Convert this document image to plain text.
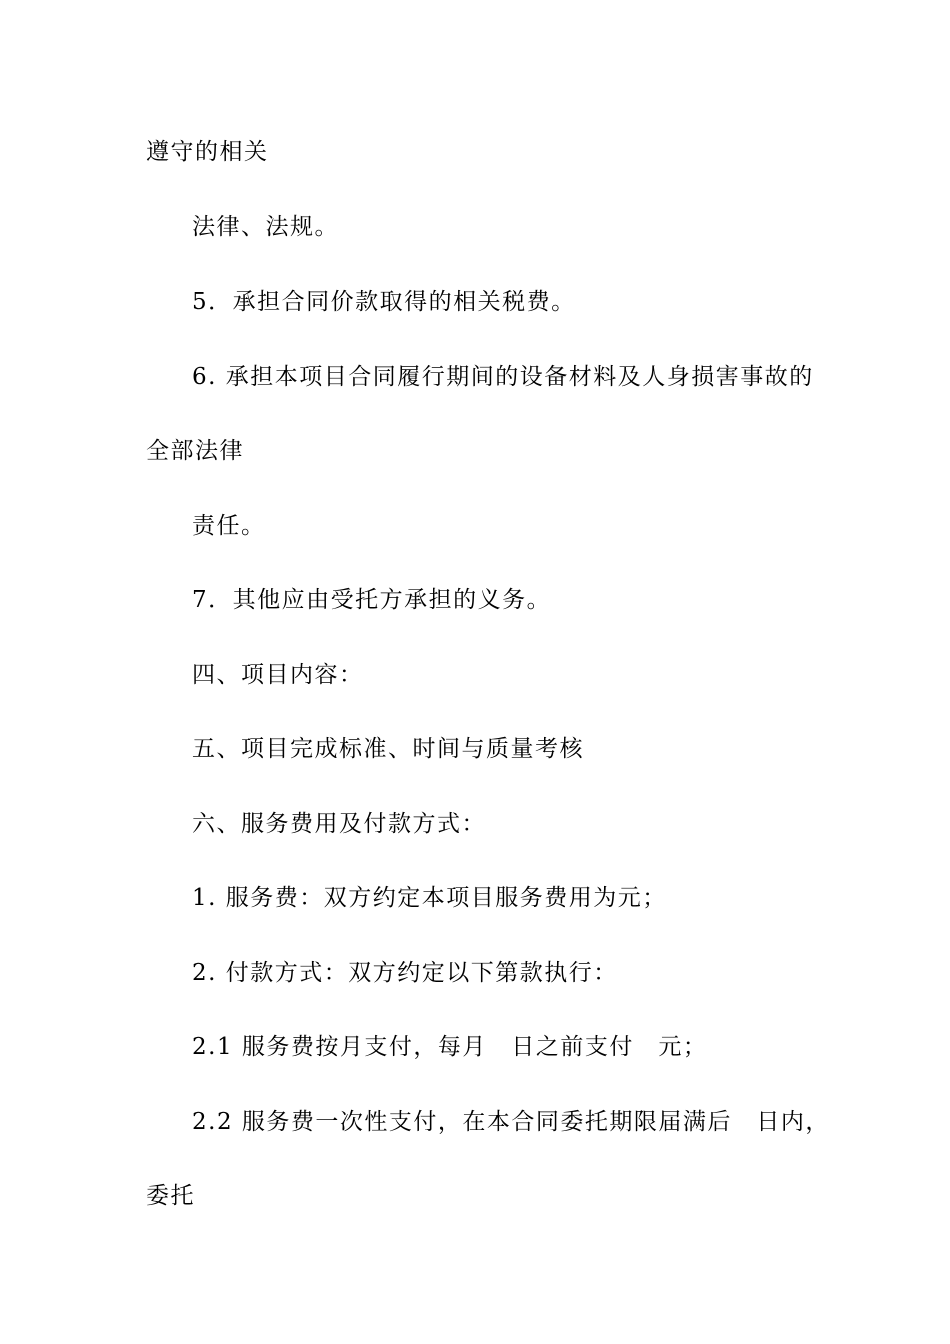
遵守的相关
法律、法规。
5．承担合同价款取得的相关税费。
6. 承担本项目合同履行期间的设备材料及人身损害事故的
全部法律
责任。
7．其他应由受托方承担的义务。
四、项目内容：
五、项目完成标准、时间与质量考核
六、服务费用及付款方式：
1. 服务费：双方约定本项目服务费用为元；
2. 付款方式：双方约定以下第款执行：
2.1 服务费按月支付，每月　日之前支付　元；
2.2 服务费一次性支付，在本合同委托期限届满后　日内，
委托
